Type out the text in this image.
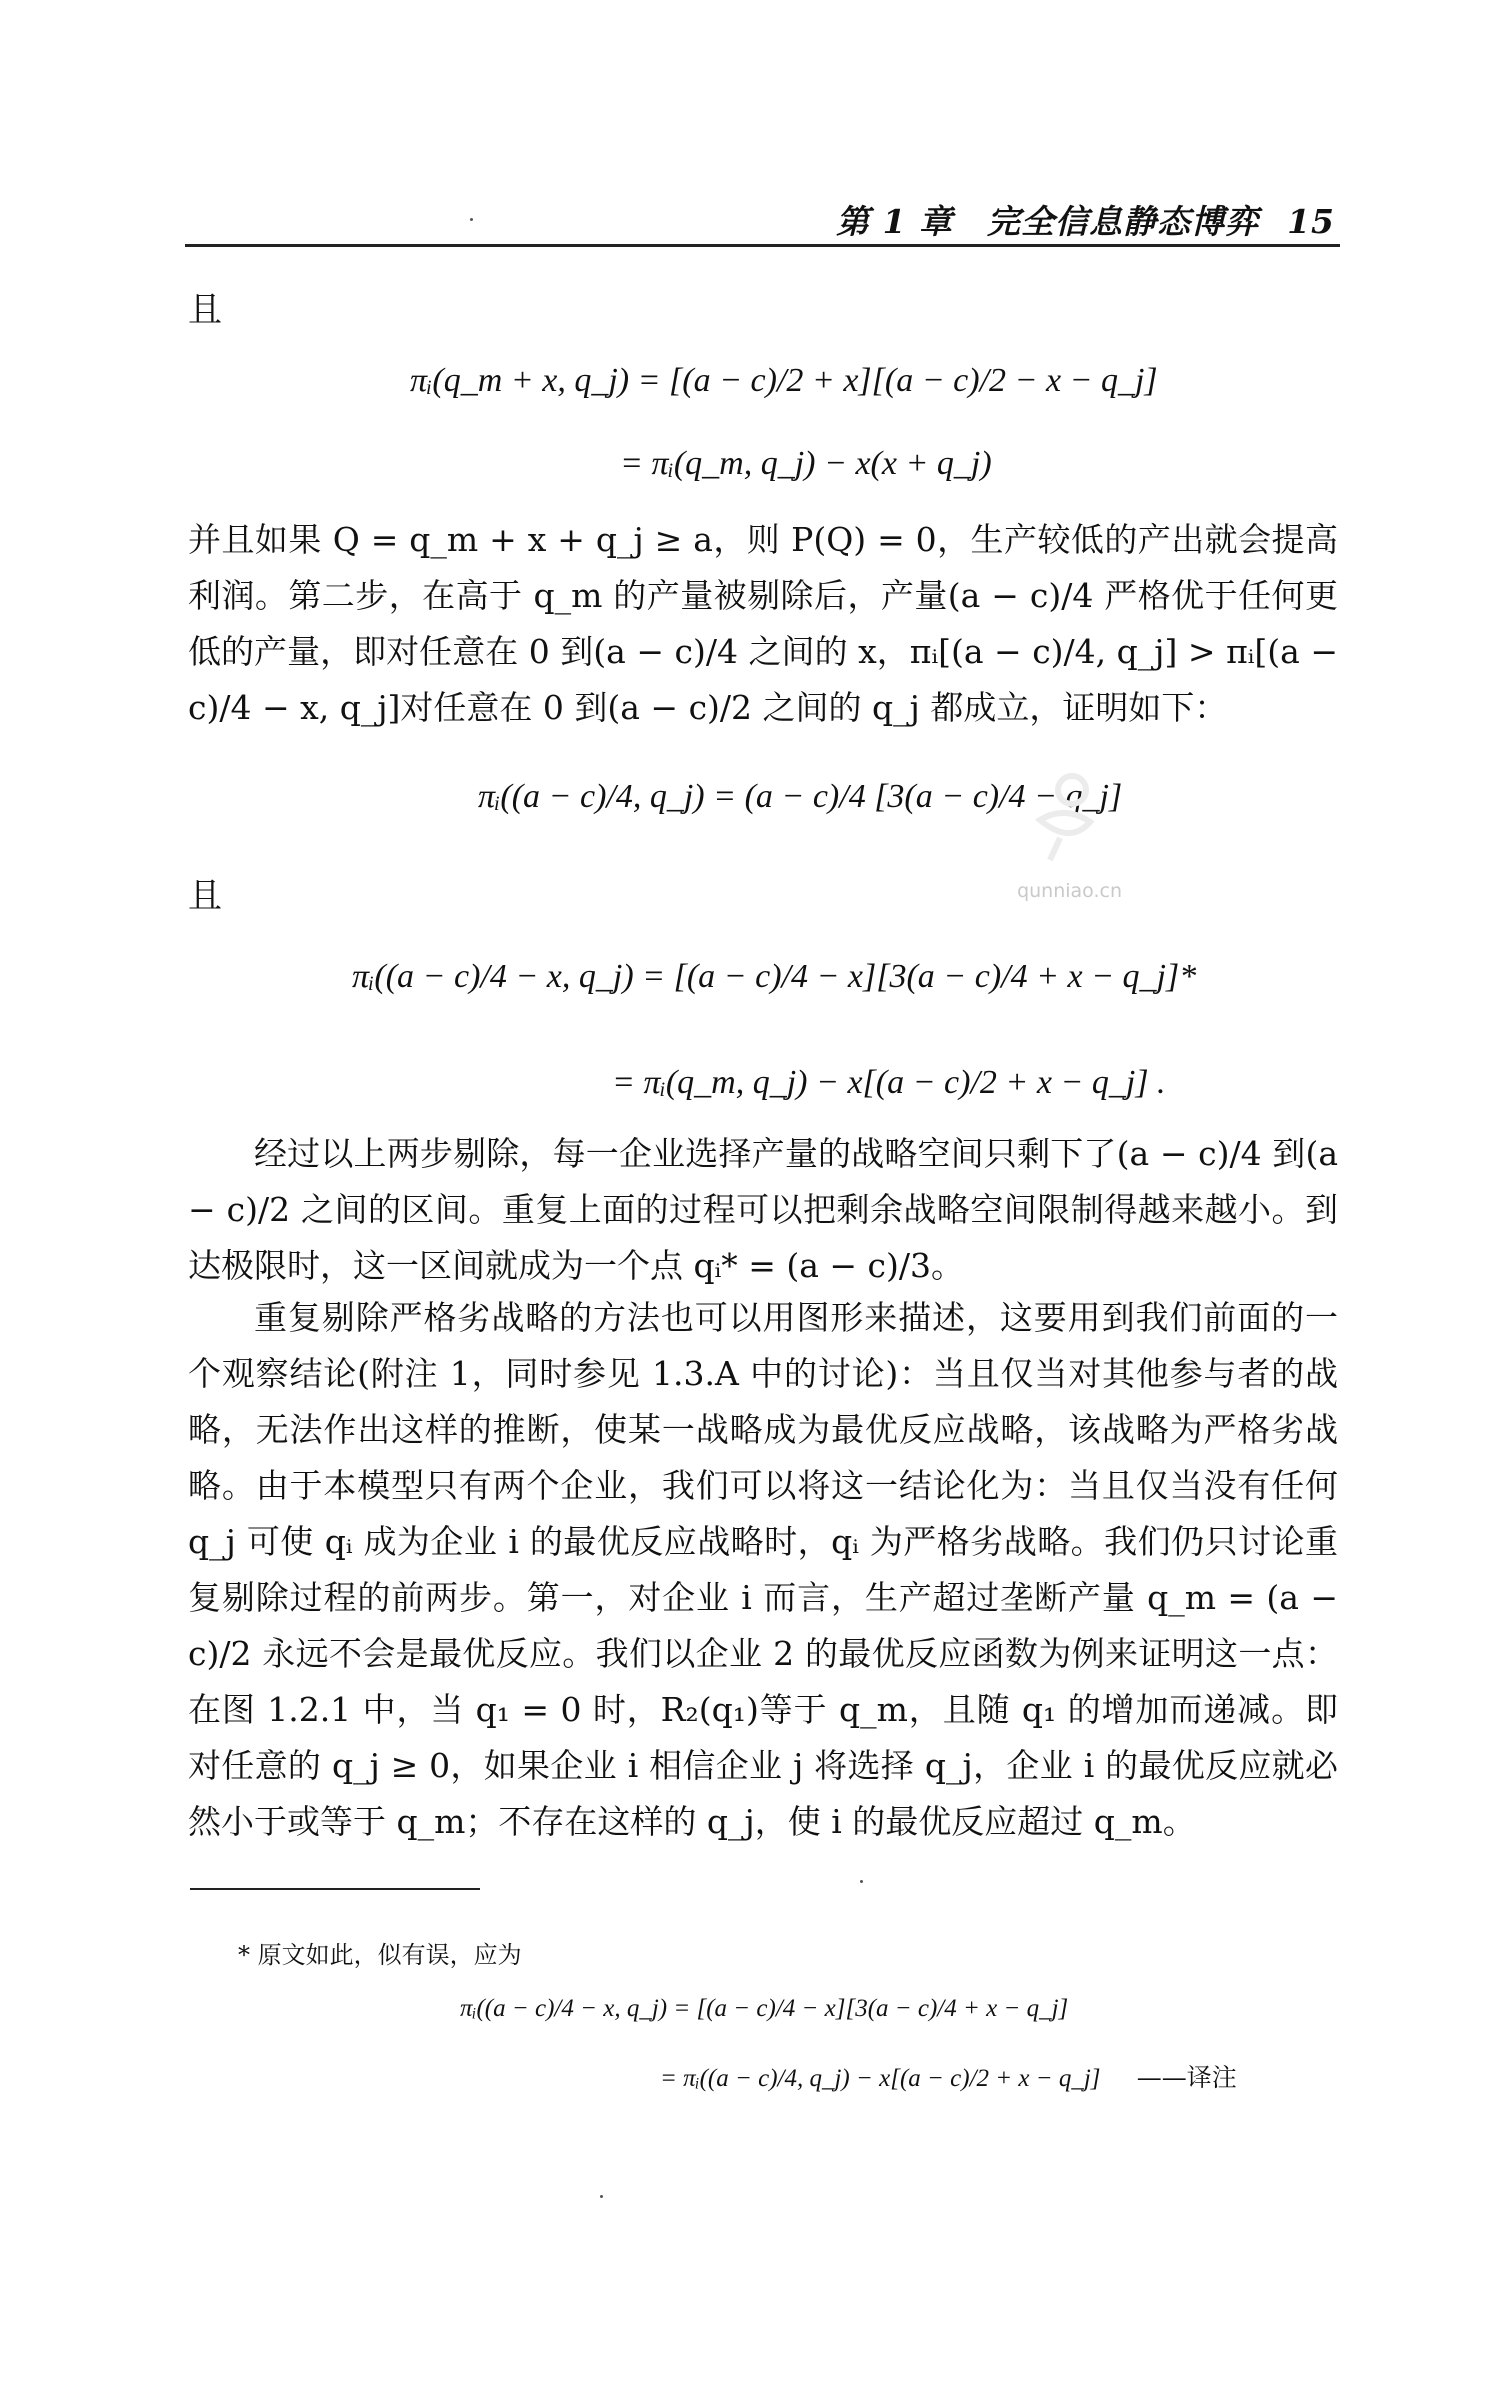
第 1 章　完全信息静态博弈 15
且
πᵢ(q_m + x, q_j) = [(a − c)/2 + x][(a − c)/2 − x − q_j]
= πᵢ(q_m, q_j) − x(x + q_j)

并且如果 Q = q_m + x + q_j ≥ a，则 P(Q) = 0，生产较低的产出就会提高利润。第二步，在高于 q_m 的产量被剔除后，产量(a − c)/4 严格优于任何更低的产量，即对任意在 0 到(a − c)/4 之间的 x，πᵢ[(a − c)/4, q_j] > πᵢ[(a − c)/4 − x, q_j]对任意在 0 到(a − c)/2 之间的 q_j 都成立，证明如下：

πᵢ((a − c)/4, q_j) = (a − c)/4 [3(a − c)/4 − q_j]
且
πᵢ((a − c)/4 − x, q_j) = [(a − c)/4 − x][3(a − c)/4 + x − q_j]*
= πᵢ(q_m, q_j) − x[(a − c)/2 + x − q_j] .

经过以上两步剔除，每一企业选择产量的战略空间只剩下了(a − c)/4 到(a − c)/2 之间的区间。重复上面的过程可以把剩余战略空间限制得越来越小。到达极限时，这一区间就成为一个点 qᵢ* = (a − c)/3。

重复剔除严格劣战略的方法也可以用图形来描述，这要用到我们前面的一个观察结论(附注 1，同时参见 1.3.A 中的讨论)：当且仅当对其他参与者的战略，无法作出这样的推断，使某一战略成为最优反应战略，该战略为严格劣战略。由于本模型只有两个企业，我们可以将这一结论化为：当且仅当没有任何 q_j 可使 qᵢ 成为企业 i 的最优反应战略时，qᵢ 为严格劣战略。我们仍只讨论重复剔除过程的前两步。第一，对企业 i 而言，生产超过垄断产量 q_m = (a − c)/2 永远不会是最优反应。我们以企业 2 的最优反应函数为例来证明这一点：在图 1.2.1 中，当 q₁ = 0 时，R₂(q₁)等于 q_m，且随 q₁ 的增加而递减。即对任意的 q_j ≥ 0，如果企业 i 相信企业 j 将选择 q_j，企业 i 的最优反应就必然小于或等于 q_m；不存在这样的 q_j，使 i 的最优反应超过 q_m。

* 原文如此，似有误，应为
πᵢ((a − c)/4 − x, q_j) = [(a − c)/4 − x][3(a − c)/4 + x − q_j]
= πᵢ((a − c)/4, q_j) − x[(a − c)/2 + x − q_j] ——译注
qunniao.cn
